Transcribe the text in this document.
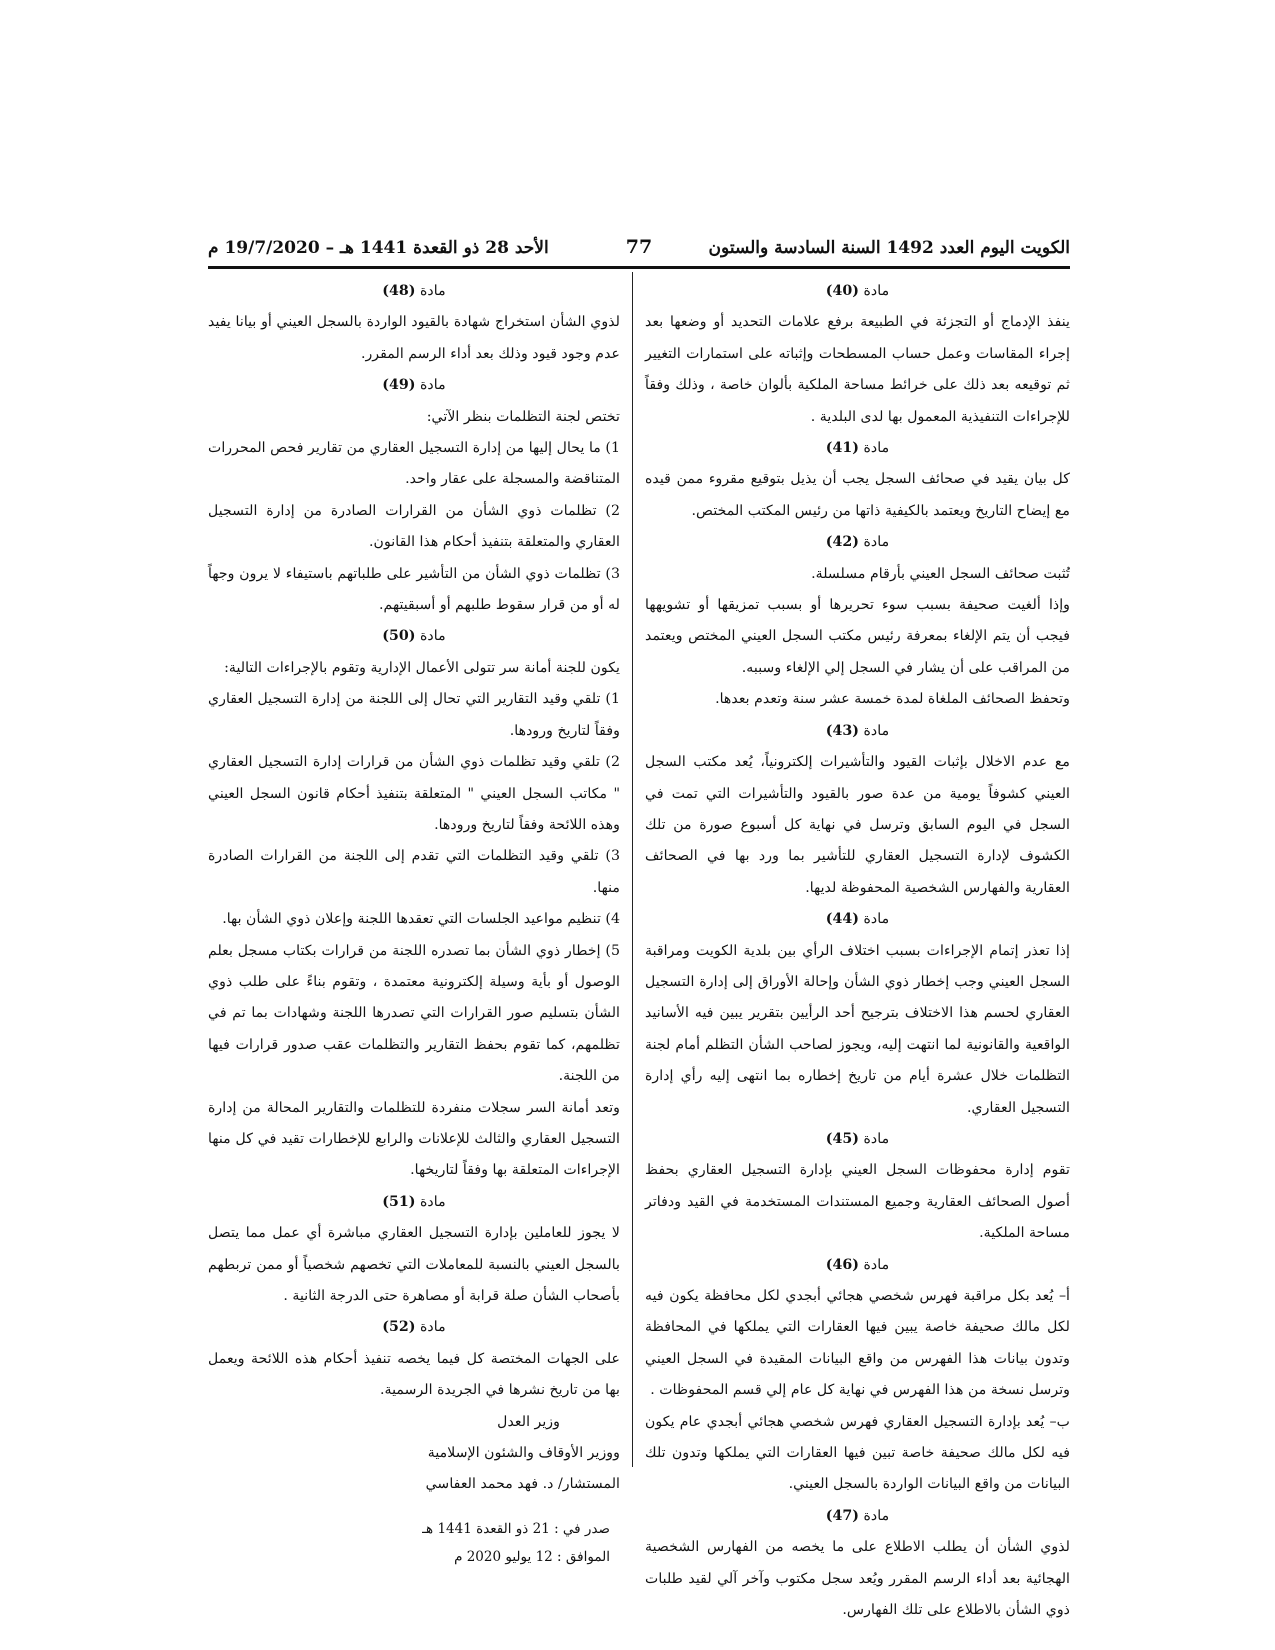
الكويت اليوم العدد 1492 السنة السادسة والستون
77
الأحد 28 ذو القعدة 1441 هـ – 19/7/2020 م
مادة (40)

ينفذ الإدماج أو التجزئة في الطبيعة برفع علامات التحديد أو وضعها بعد إجراء المقاسات وعمل حساب المسطحات وإثباته على استمارات التغيير ثم توقيعه بعد ذلك على خرائط مساحة الملكية بألوان خاصة ، وذلك وفقاً للإجراءات التنفيذية المعمول بها لدى البلدية .

مادة (41)

كل بيان يقيد في صحائف السجل يجب أن يذيل بتوقيع مقروء ممن قيده مع إيضاح التاريخ ويعتمد بالكيفية ذاتها من رئيس المكتب المختص.

مادة (42)

تُثبت صحائف السجل العيني بأرقام مسلسلة.

وإذا ألغيت صحيفة بسبب سوء تحريرها أو بسبب تمزيقها أو تشويهها فيجب أن يتم الإلغاء بمعرفة رئيس مكتب السجل العيني المختص ويعتمد من المراقب على أن يشار في السجل إلي الإلغاء وسببه.

وتحفظ الصحائف الملغاة لمدة خمسة عشر سنة وتعدم بعدها.

مادة (43)

مع عدم الاخلال بإثبات القيود والتأشيرات إلكترونياً، يُعد مكتب السجل العيني كشوفاً يومية من عدة صور بالقيود والتأشيرات التي تمت في السجل في اليوم السابق وترسل في نهاية كل أسبوع صورة من تلك الكشوف لإدارة التسجيل العقاري للتأشير بما ورد بها في الصحائف العقارية والفهارس الشخصية المحفوظة لديها.

مادة (44)

إذا تعذر إتمام الإجراءات بسبب اختلاف الرأي بين بلدية الكويت ومراقبة السجل العيني وجب إخطار ذوي الشأن وإحالة الأوراق إلى إدارة التسجيل العقاري لحسم هذا الاختلاف بترجيح أحد الرأيين بتقرير يبين فيه الأسانيد الواقعية والقانونية لما انتهت إليه، ويجوز لصاحب الشأن التظلم أمام لجنة التظلمات خلال عشرة أيام من تاريخ إخطاره بما انتهى إليه رأي إدارة التسجيل العقاري.

مادة (45)

تقوم إدارة محفوظات السجل العيني بإدارة التسجيل العقاري بحفظ أصول الصحائف العقارية وجميع المستندات المستخدمة في القيد ودفاتر مساحة الملكية.

مادة (46)

أ– يُعد بكل مراقبة فهرس شخصي هجائي أبجدي لكل محافظة يكون فيه لكل مالك صحيفة خاصة يبين فيها العقارات التي يملكها في المحافظة وتدون بيانات هذا الفهرس من واقع البيانات المقيدة في السجل العيني وترسل نسخة من هذا الفهرس في نهاية كل عام إلي قسم المحفوظات .

ب– يُعد بإدارة التسجيل العقاري فهرس شخصي هجائي أبجدي عام يكون فيه لكل مالك صحيفة خاصة تبين فيها العقارات التي يملكها وتدون تلك البيانات من واقع البيانات الواردة بالسجل العيني.

مادة (47)

لذوي الشأن أن يطلب الاطلاع على ما يخصه من الفهارس الشخصية الهجائية بعد أداء الرسم المقرر ويُعد سجل مكتوب وآخر آلي لقيد طلبات ذوي الشأن بالاطلاع على تلك الفهارس.

مادة (48)

لذوي الشأن استخراج شهادة بالقيود الواردة بالسجل العيني أو بيانا يفيد عدم وجود قيود وذلك بعد أداء الرسم المقرر.

مادة (49)

تختص لجنة التظلمات بنظر الآتي:

1) ما يحال إليها من إدارة التسجيل العقاري من تقارير فحص المحررات المتناقضة والمسجلة على عقار واحد.

2) تظلمات ذوي الشأن من القرارات الصادرة من إدارة التسجيل العقاري والمتعلقة بتنفيذ أحكام هذا القانون.

3) تظلمات ذوي الشأن من التأشير على طلباتهم باستيفاء لا يرون وجهاً له أو من قرار سقوط طلبهم أو أسبقيتهم.

مادة (50)

يكون للجنة أمانة سر تتولى الأعمال الإدارية وتقوم بالإجراءات التالية:

1) تلقي وقيد التقارير التي تحال إلى اللجنة من إدارة التسجيل العقاري وفقاً لتاريخ ورودها.

2) تلقي وقيد تظلمات ذوي الشأن من قرارات إدارة التسجيل العقاري " مكاتب السجل العيني " المتعلقة بتنفيذ أحكام قانون السجل العيني وهذه اللائحة وفقاً لتاريخ ورودها.

3) تلقي وقيد التظلمات التي تقدم إلى اللجنة من القرارات الصادرة منها.

4) تنظيم مواعيد الجلسات التي تعقدها اللجنة وإعلان ذوي الشأن بها.

5) إخطار ذوي الشأن بما تصدره اللجنة من قرارات بكتاب مسجل بعلم الوصول أو بأية وسيلة إلكترونية معتمدة ، وتقوم بناءً على طلب ذوي الشأن بتسليم صور القرارات التي تصدرها اللجنة وشهادات بما تم في تظلمهم، كما تقوم بحفظ التقارير والتظلمات عقب صدور قرارات فيها من اللجنة.

وتعد أمانة السر سجلات منفردة للتظلمات والتقارير المحالة من إدارة التسجيل العقاري والثالث للإعلانات والرابع للإخطارات تقيد في كل منها الإجراءات المتعلقة بها وفقاً لتاريخها.

مادة (51)

لا يجوز للعاملين بإدارة التسجيل العقاري مباشرة أي عمل مما يتصل بالسجل العيني بالنسبة للمعاملات التي تخصهم شخصياً أو ممن تربطهم بأصحاب الشأن صلة قرابة أو مصاهرة حتى الدرجة الثانية .

مادة (52)

على الجهات المختصة كل فيما يخصه تنفيذ أحكام هذه اللائحة ويعمل بها من تاريخ نشرها في الجريدة الرسمية.

وزير العدل
ووزير الأوقاف والشئون الإسلامية
المستشار/ د. فهد محمد العفاسي
صدر في : 21 ذو القعدة 1441 هـ
الموافق : 12 يوليو 2020 م
